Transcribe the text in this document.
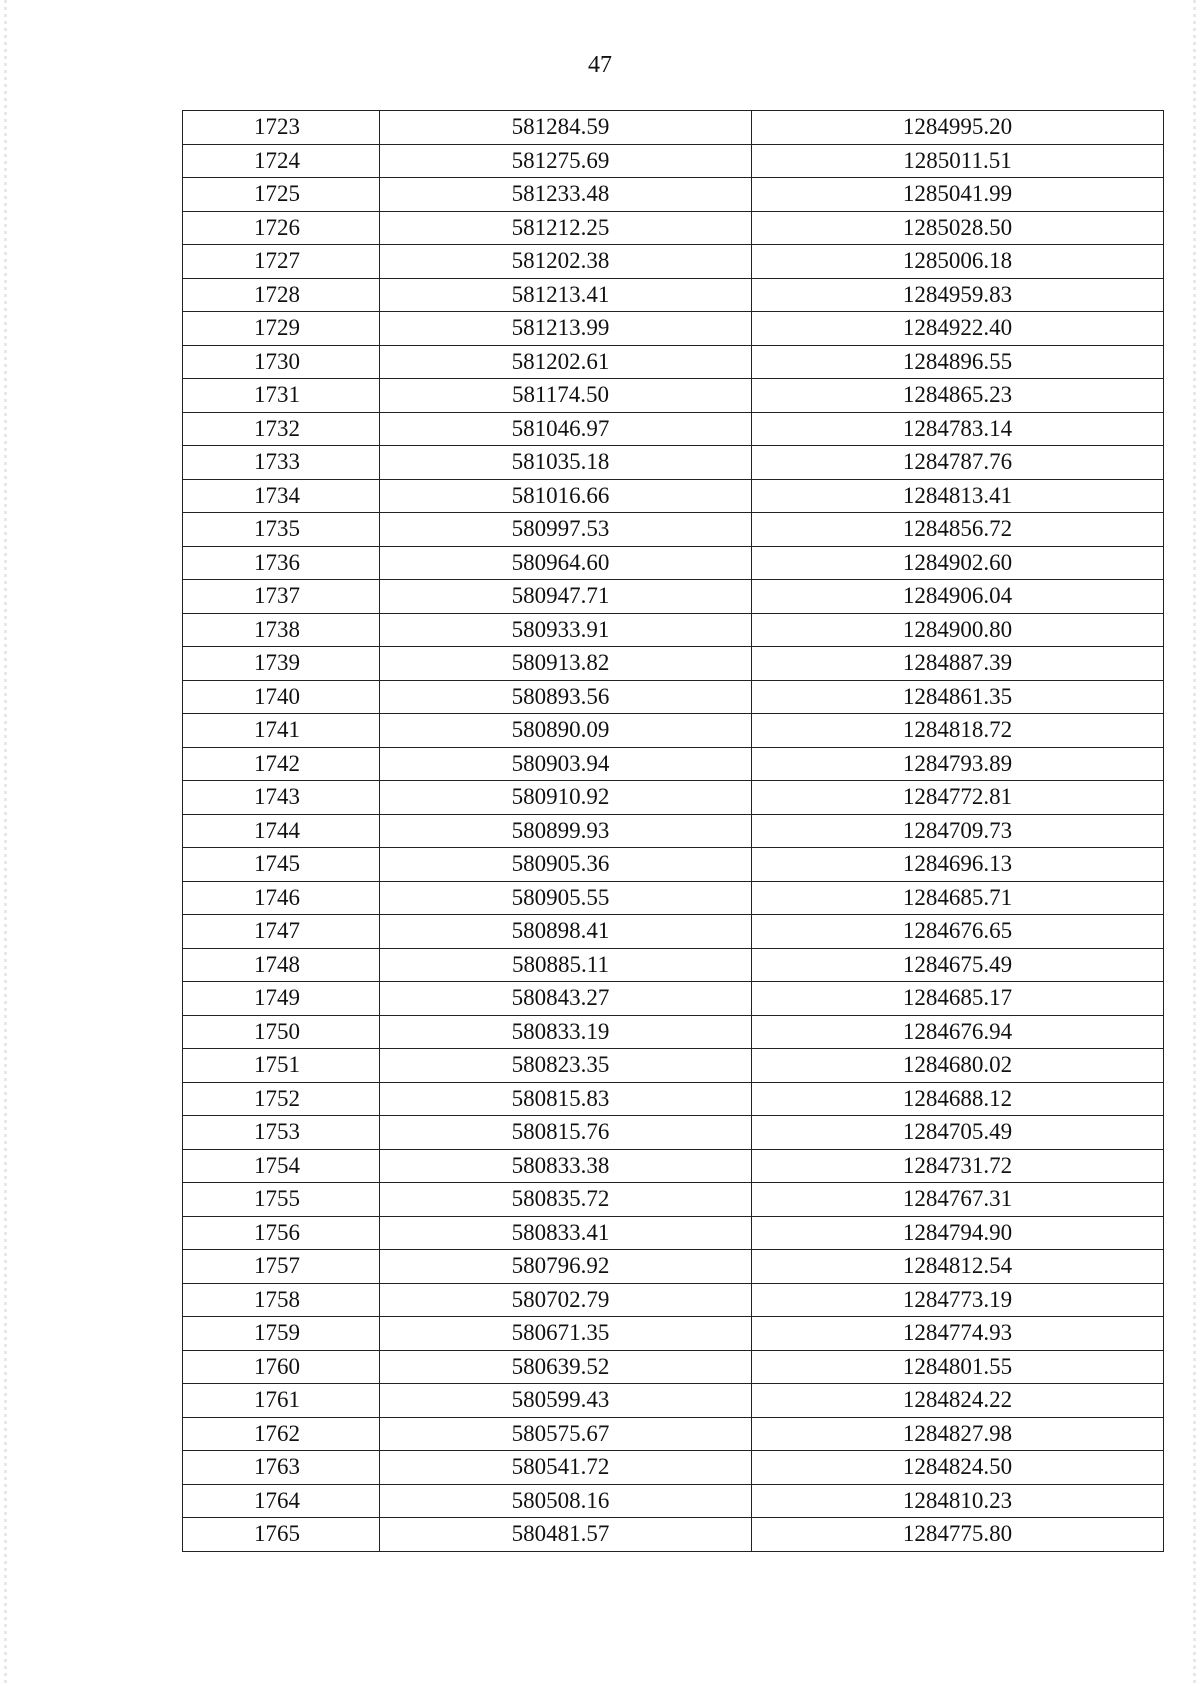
47
1723	581284.59	1284995.20
1724	581275.69	1285011.51
1725	581233.48	1285041.99
1726	581212.25	1285028.50
1727	581202.38	1285006.18
1728	581213.41	1284959.83
1729	581213.99	1284922.40
1730	581202.61	1284896.55
1731	581174.50	1284865.23
1732	581046.97	1284783.14
1733	581035.18	1284787.76
1734	581016.66	1284813.41
1735	580997.53	1284856.72
1736	580964.60	1284902.60
1737	580947.71	1284906.04
1738	580933.91	1284900.80
1739	580913.82	1284887.39
1740	580893.56	1284861.35
1741	580890.09	1284818.72
1742	580903.94	1284793.89
1743	580910.92	1284772.81
1744	580899.93	1284709.73
1745	580905.36	1284696.13
1746	580905.55	1284685.71
1747	580898.41	1284676.65
1748	580885.11	1284675.49
1749	580843.27	1284685.17
1750	580833.19	1284676.94
1751	580823.35	1284680.02
1752	580815.83	1284688.12
1753	580815.76	1284705.49
1754	580833.38	1284731.72
1755	580835.72	1284767.31
1756	580833.41	1284794.90
1757	580796.92	1284812.54
1758	580702.79	1284773.19
1759	580671.35	1284774.93
1760	580639.52	1284801.55
1761	580599.43	1284824.22
1762	580575.67	1284827.98
1763	580541.72	1284824.50
1764	580508.16	1284810.23
1765	580481.57	1284775.80
